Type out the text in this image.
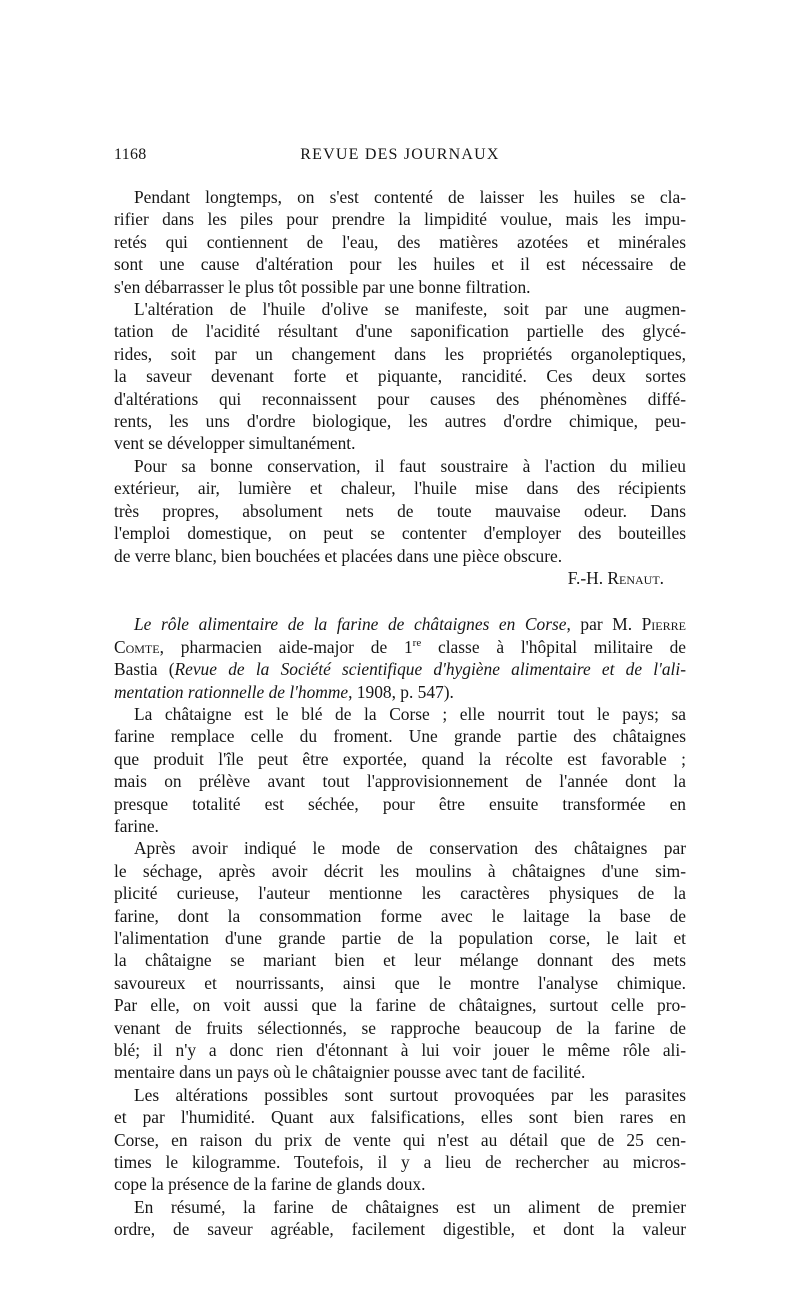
1168	REVUE DES JOURNAUX
Pendant longtemps, on s'est contenté de laisser les huiles se cla-
rifier dans les piles pour prendre la limpidité voulue, mais les impu-
retés qui contiennent de l'eau, des matières azotées et minérales
sont une cause d'altération pour les huiles et il est nécessaire de
s'en débarrasser le plus tôt possible par une bonne filtration.
L'altération de l'huile d'olive se manifeste, soit par une augmen-
tation de l'acidité résultant d'une saponification partielle des glycé-
rides, soit par un changement dans les propriétés organoleptiques,
la saveur devenant forte et piquante, rancidité. Ces deux sortes
d'altérations qui reconnaissent pour causes des phénomènes diffé-
rents, les uns d'ordre biologique, les autres d'ordre chimique, peu-
vent se développer simultanément.
Pour sa bonne conservation, il faut soustraire à l'action du milieu
extérieur, air, lumière et chaleur, l'huile mise dans des récipients
très propres, absolument nets de toute mauvaise odeur. Dans
l'emploi domestique, on peut se contenter d'employer des bouteilles
de verre blanc, bien bouchées et placées dans une pièce obscure.
F.-H. Renaut.
Le rôle alimentaire de la farine de châtaignes en Corse, par M. Pierre
Comte, pharmacien aide-major de 1re classe à l'hôpital militaire de
Bastia (Revue de la Société scientifique d'hygiène alimentaire et de l'ali-
mentation rationnelle de l'homme, 1908, p. 547).
La châtaigne est le blé de la Corse ; elle nourrit tout le pays; sa
farine remplace celle du froment. Une grande partie des châtaignes
que produit l'île peut être exportée, quand la récolte est favorable ;
mais on prélève avant tout l'approvisionnement de l'année dont la
presque totalité est séchée, pour être ensuite transformée en
farine.
Après avoir indiqué le mode de conservation des châtaignes par
le séchage, après avoir décrit les moulins à châtaignes d'une sim-
plicité curieuse, l'auteur mentionne les caractères physiques de la
farine, dont la consommation forme avec le laitage la base de
l'alimentation d'une grande partie de la population corse, le lait et
la châtaigne se mariant bien et leur mélange donnant des mets
savoureux et nourrissants, ainsi que le montre l'analyse chimique.
Par elle, on voit aussi que la farine de châtaignes, surtout celle pro-
venant de fruits sélectionnés, se rapproche beaucoup de la farine de
blé; il n'y a donc rien d'étonnant à lui voir jouer le même rôle ali-
mentaire dans un pays où le châtaignier pousse avec tant de facilité.
Les altérations possibles sont surtout provoquées par les parasites
et par l'humidité. Quant aux falsifications, elles sont bien rares en
Corse, en raison du prix de vente qui n'est au détail que de 25 cen-
times le kilogramme. Toutefois, il y a lieu de rechercher au micros-
cope la présence de la farine de glands doux.
En résumé, la farine de châtaignes est un aliment de premier
ordre, de saveur agréable, facilement digestible, et dont la valeur
